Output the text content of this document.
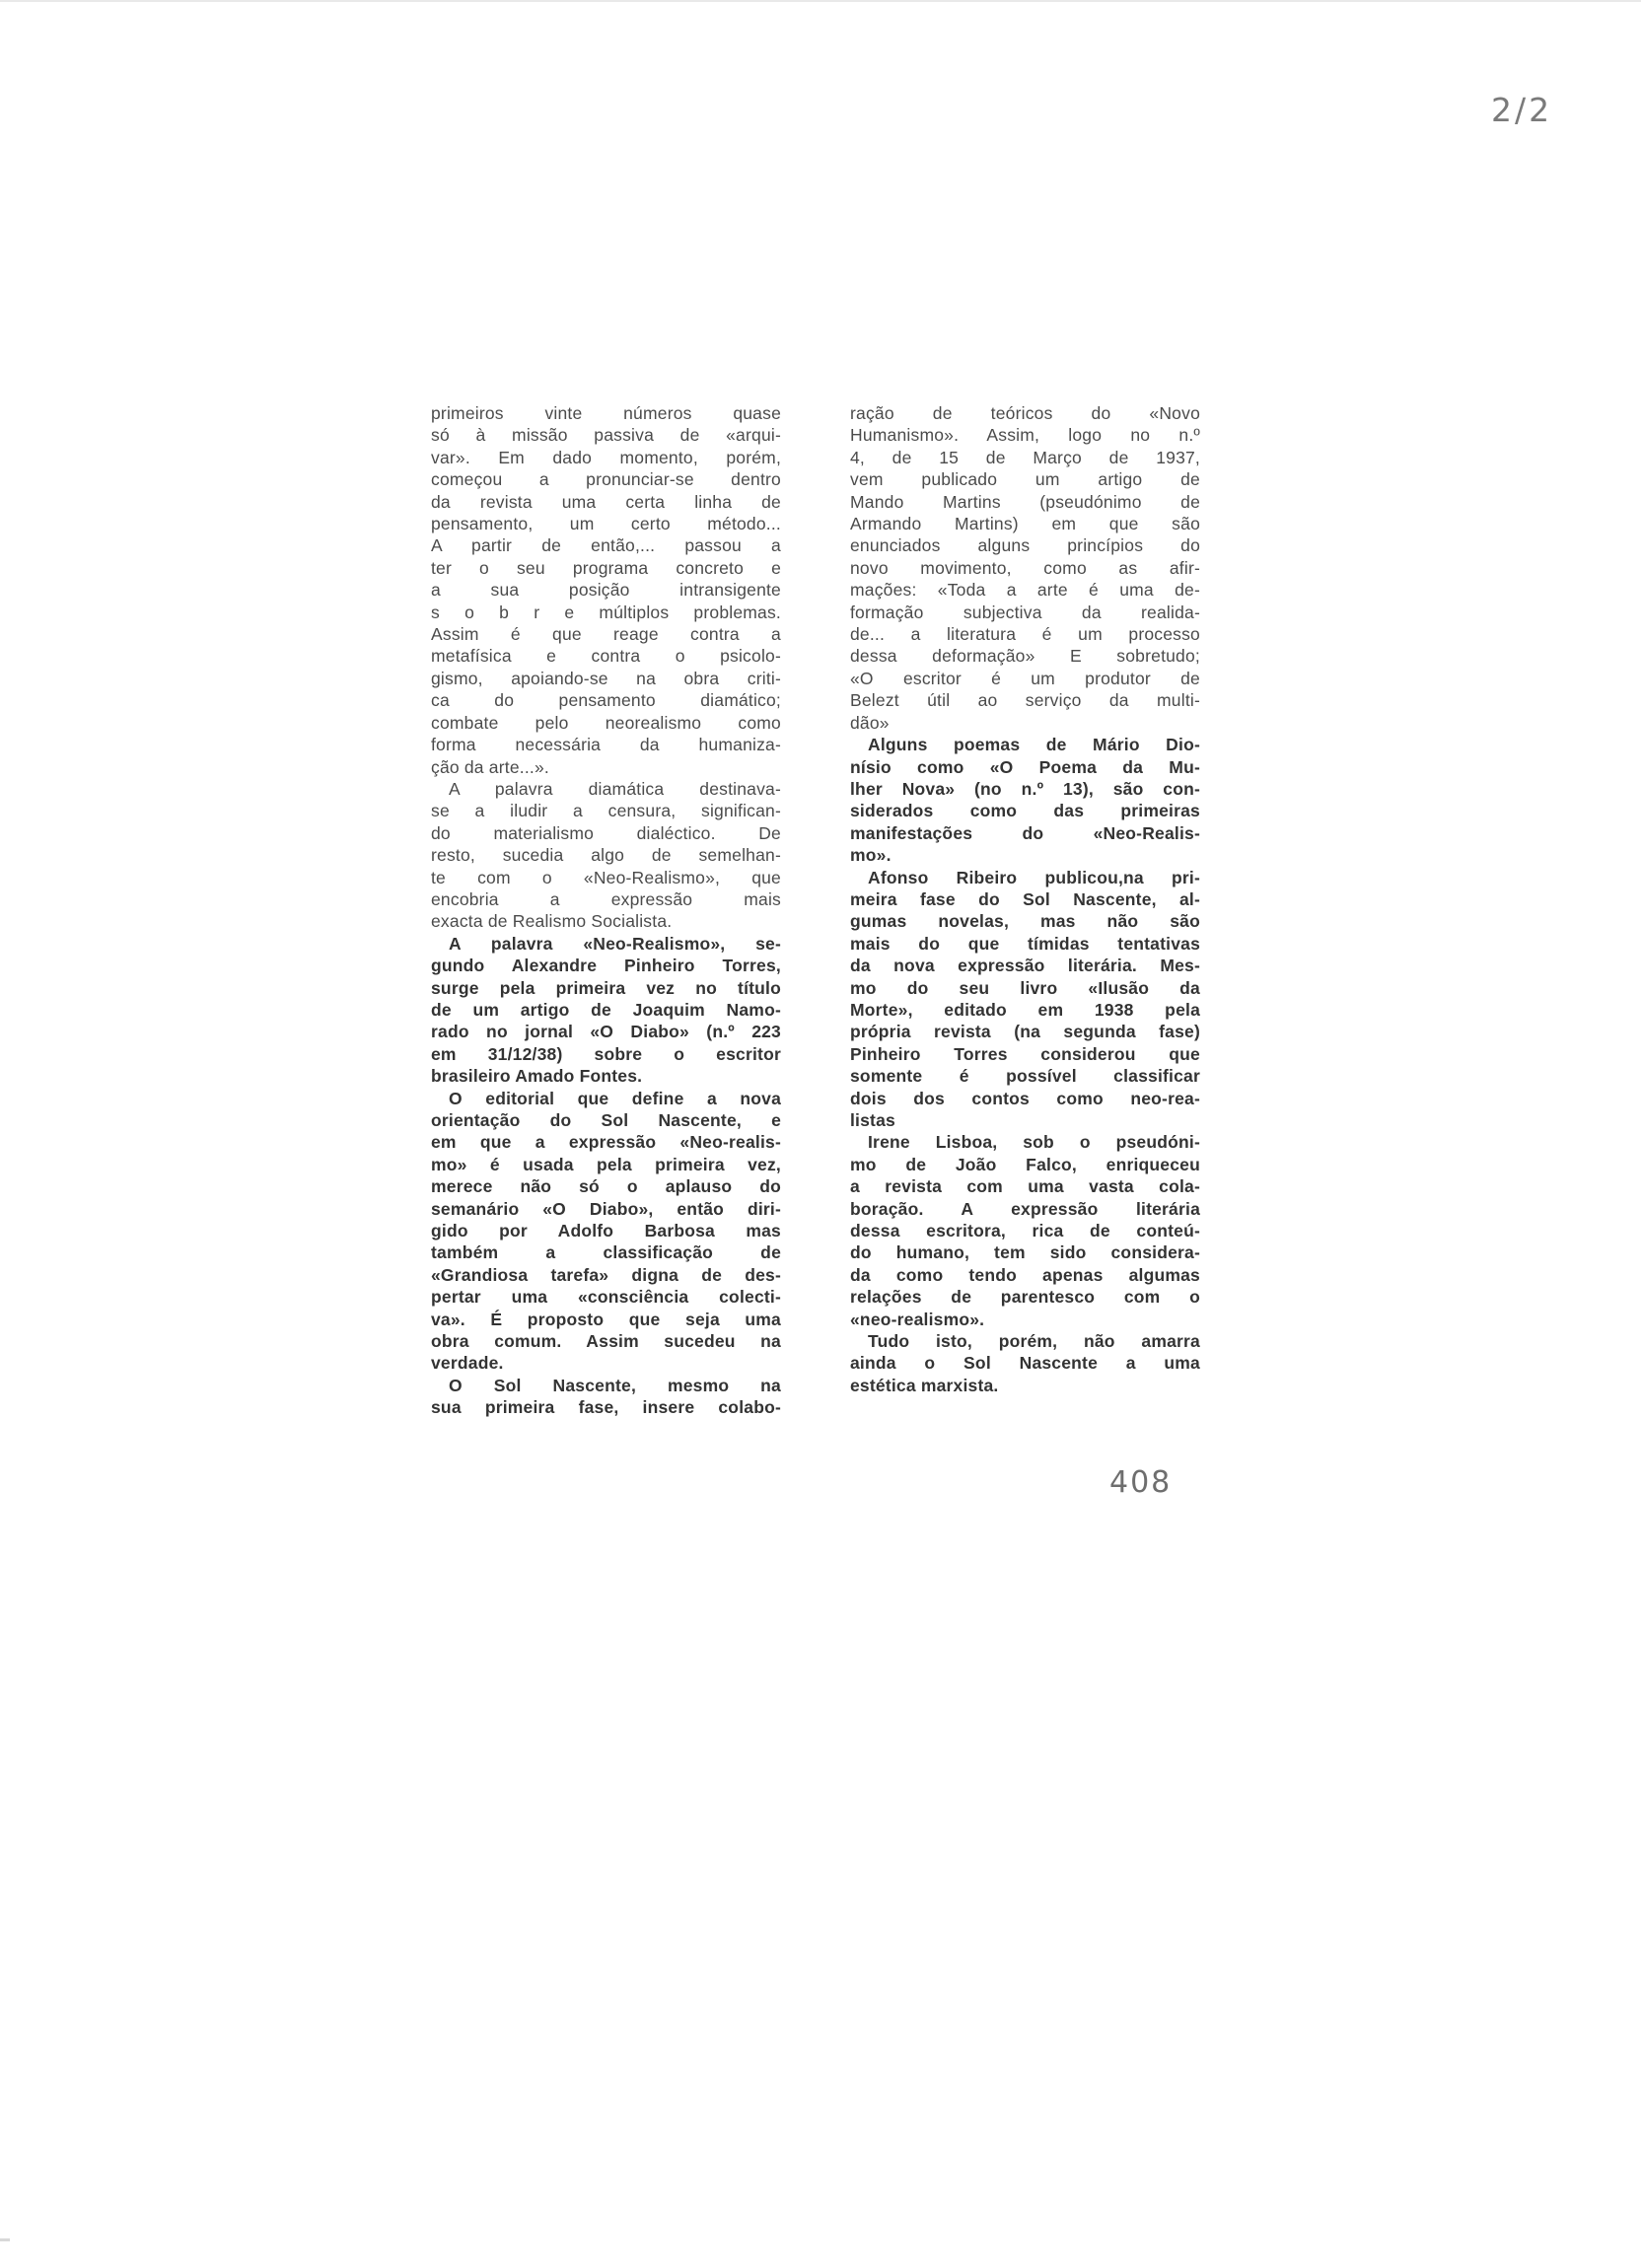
2/2
primeiros vinte números quase
só à missão passiva de «arqui-
var». Em dado momento, porém,
começou a pronunciar-se dentro
da revista uma certa linha de
pensamento, um certo método...
A partir de então,... passou a
ter o seu programa concreto e
a sua posição intransigente
s o b r e múltiplos problemas.
Assim é que reage contra a
metafísica e contra o psicolo-
gismo, apoiando-se na obra criti-
ca do pensamento diamático;
combate pelo neorealismo como
forma necessária da humaniza-
ção da arte...».
A palavra diamática destinava-
se a iludir a censura, significan-
do materialismo dialéctico. De
resto, sucedia algo de semelhan-
te com o «Neo-Realismo», que
encobria a expressão mais
exacta de Realismo Socialista.
A palavra «Neo-Realismo», se-
gundo Alexandre Pinheiro Torres,
surge pela primeira vez no título
de um artigo de Joaquim Namo-
rado no jornal «O Diabo» (n.º 223
em 31/12/38) sobre o escritor
brasileiro Amado Fontes.
O editorial que define a nova
orientação do Sol Nascente, e
em que a expressão «Neo-realis-
mo» é usada pela primeira vez,
merece não só o aplauso do
semanário «O Diabo», então diri-
gido por Adolfo Barbosa mas
também a classificação de
«Grandiosa tarefa» digna de des-
pertar uma «consciência colecti-
va». É proposto que seja uma
obra comum. Assim sucedeu na
verdade.
O Sol Nascente, mesmo na
sua primeira fase, insere colabo-
ração de teóricos do «Novo
Humanismo». Assim, logo no n.º
4, de 15 de Março de 1937,
vem publicado um artigo de
Mando Martins (pseudónimo de
Armando Martins) em que são
enunciados alguns princípios do
novo movimento, como as afir-
mações: «Toda a arte é uma de-
formação subjectiva da realida-
de... a literatura é um processo
dessa deformação» E sobretudo;
«O escritor é um produtor de
Belezt útil ao serviço da multi-
dão»
Alguns poemas de Mário Dio-
nísio como «O Poema da Mu-
lher Nova» (no n.º 13), são con-
siderados como das primeiras
manifestações do «Neo-Realis-
mo».
Afonso Ribeiro publicou,na pri-
meira fase do Sol Nascente, al-
gumas novelas, mas não são
mais do que tímidas tentativas
da nova expressão literária. Mes-
mo do seu livro «Ilusão da
Morte», editado em 1938 pela
própria revista (na segunda fase)
Pinheiro Torres considerou que
somente é possível classificar
dois dos contos como neo-rea-
listas
Irene Lisboa, sob o pseudóni-
mo de João Falco, enriqueceu
a revista com uma vasta cola-
boração. A expressão literária
dessa escritora, rica de conteú-
do humano, tem sido considera-
da como tendo apenas algumas
relações de parentesco com o
«neo-realismo».
Tudo isto, porém, não amarra
ainda o Sol Nascente a uma
estética marxista.
408
